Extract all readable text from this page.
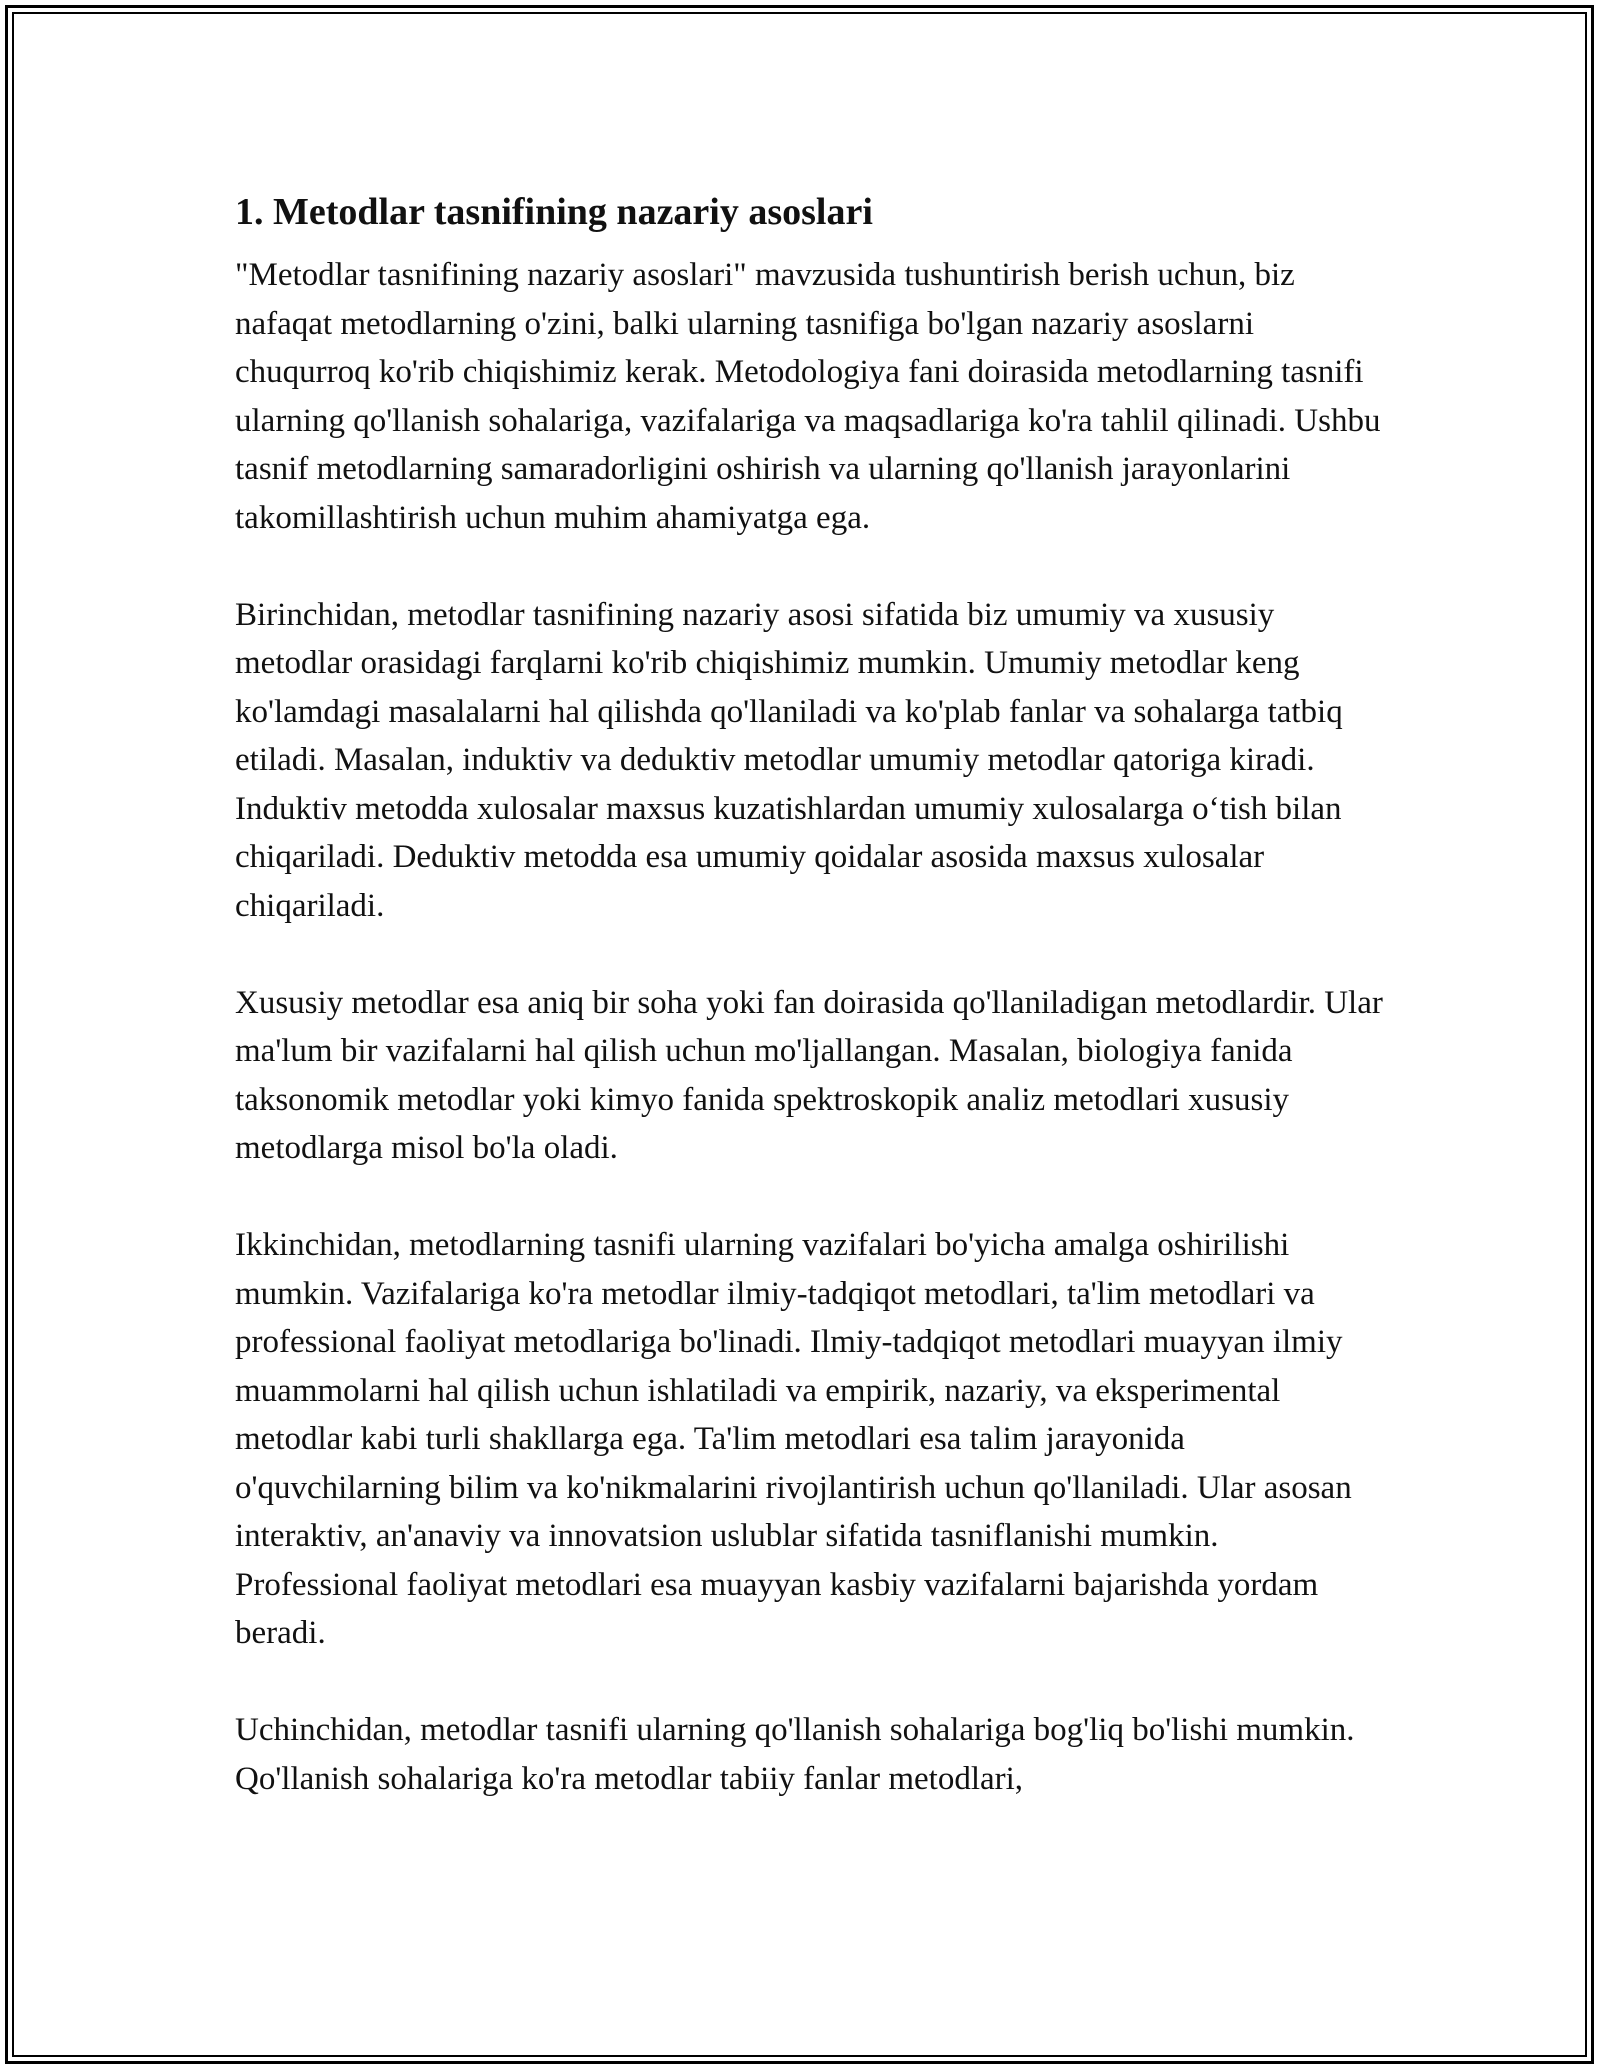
1. Metodlar tasnifining nazariy asoslari

"Metodlar tasnifining nazariy asoslari" mavzusida tushuntirish berish uchun, biz nafaqat metodlarning o'zini, balki ularning tasnifiga bo'lgan nazariy asoslarni chuqurroq ko'rib chiqishimiz kerak. Metodologiya fani doirasida metodlarning tasnifi ularning qo'llanish sohalariga, vazifalariga va maqsadlariga ko'ra tahlil qilinadi. Ushbu tasnif metodlarning samaradorligini oshirish va ularning qo'llanish jarayonlarini takomillashtirish uchun muhim ahamiyatga ega.

Birinchidan, metodlar tasnifining nazariy asosi sifatida biz umumiy va xususiy metodlar orasidagi farqlarni ko'rib chiqishimiz mumkin. Umumiy metodlar keng ko'lamdagi masalalarni hal qilishda qo'llaniladi va ko'plab fanlar va sohalarga tatbiq etiladi. Masalan, induktiv va deduktiv metodlar umumiy metodlar qatoriga kiradi. Induktiv metodda xulosalar maxsus kuzatishlardan umumiy xulosalarga o‘tish bilan chiqariladi. Deduktiv metodda esa umumiy qoidalar asosida maxsus xulosalar chiqariladi.

Xususiy metodlar esa aniq bir soha yoki fan doirasida qo'llaniladigan metodlardir. Ular ma'lum bir vazifalarni hal qilish uchun mo'ljallangan. Masalan, biologiya fanida taksonomik metodlar yoki kimyo fanida spektroskopik analiz metodlari xususiy metodlarga misol bo'la oladi.

Ikkinchidan, metodlarning tasnifi ularning vazifalari bo'yicha amalga oshirilishi mumkin. Vazifalariga ko'ra metodlar ilmiy-tadqiqot metodlari, ta'lim metodlari va professional faoliyat metodlariga bo'linadi. Ilmiy-tadqiqot metodlari muayyan ilmiy muammolarni hal qilish uchun ishlatiladi va empirik, nazariy, va eksperimental metodlar kabi turli shakllarga ega. Ta'lim metodlari esa talim jarayonida o'quvchilarning bilim va ko'nikmalarini rivojlantirish uchun qo'llaniladi. Ular asosan interaktiv, an'anaviy va innovatsion uslublar sifatida tasniflanishi mumkin. Professional faoliyat metodlari esa muayyan kasbiy vazifalarni bajarishda yordam beradi.

Uchinchidan, metodlar tasnifi ularning qo'llanish sohalariga bog'liq bo'lishi mumkin. Qo'llanish sohalariga ko'ra metodlar tabiiy fanlar metodlari,
